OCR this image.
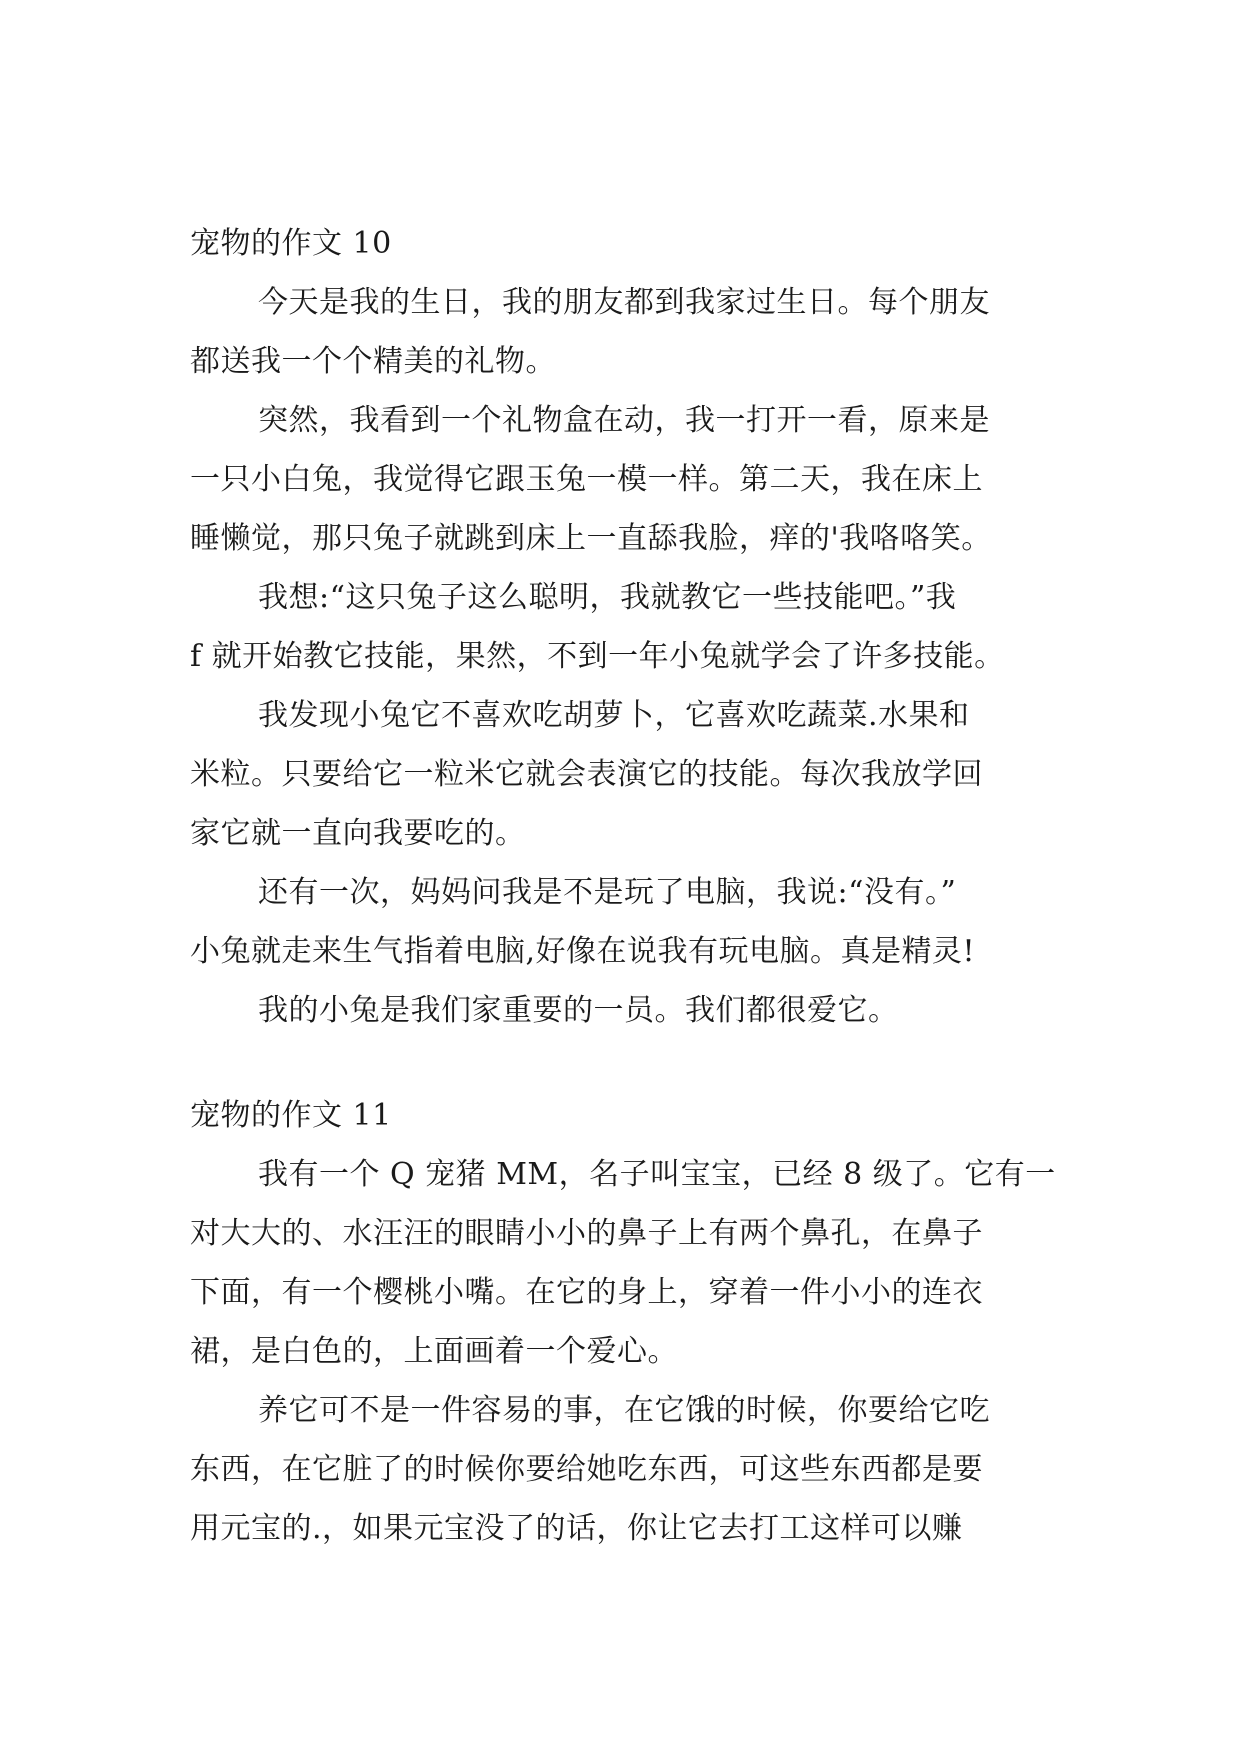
宠物的作文 10
今天是我的生日，我的朋友都到我家过生日。每个朋友
都送我一个个精美的礼物。
突然，我看到一个礼物盒在动，我一打开一看，原来是
一只小白兔，我觉得它跟玉兔一模一样。第二天，我在床上
睡懒觉，那只兔子就跳到床上一直舔我脸，痒的'我咯咯笑。
我想:“这只兔子这么聪明，我就教它一些技能吧。”我
f 就开始教它技能，果然，不到一年小兔就学会了许多技能。
我发现小兔它不喜欢吃胡萝卜，它喜欢吃蔬菜.水果和
米粒。只要给它一粒米它就会表演它的技能。每次我放学回
家它就一直向我要吃的。
还有一次，妈妈问我是不是玩了电脑，我说:“没有。”
小兔就走来生气指着电脑,好像在说我有玩电脑。真是精灵!
我的小兔是我们家重要的一员。我们都很爱它。
宠物的作文 11
我有一个 Q 宠猪 MM，名子叫宝宝，已经 8 级了。它有一
对大大的、水汪汪的眼睛小小的鼻子上有两个鼻孔，在鼻子
下面，有一个樱桃小嘴。在它的身上，穿着一件小小的连衣
裙，是白色的，上面画着一个爱心。
养它可不是一件容易的事，在它饿的时候，你要给它吃
东西，在它脏了的时候你要给她吃东西，可这些东西都是要
用元宝的.，如果元宝没了的话，你让它去打工这样可以赚
